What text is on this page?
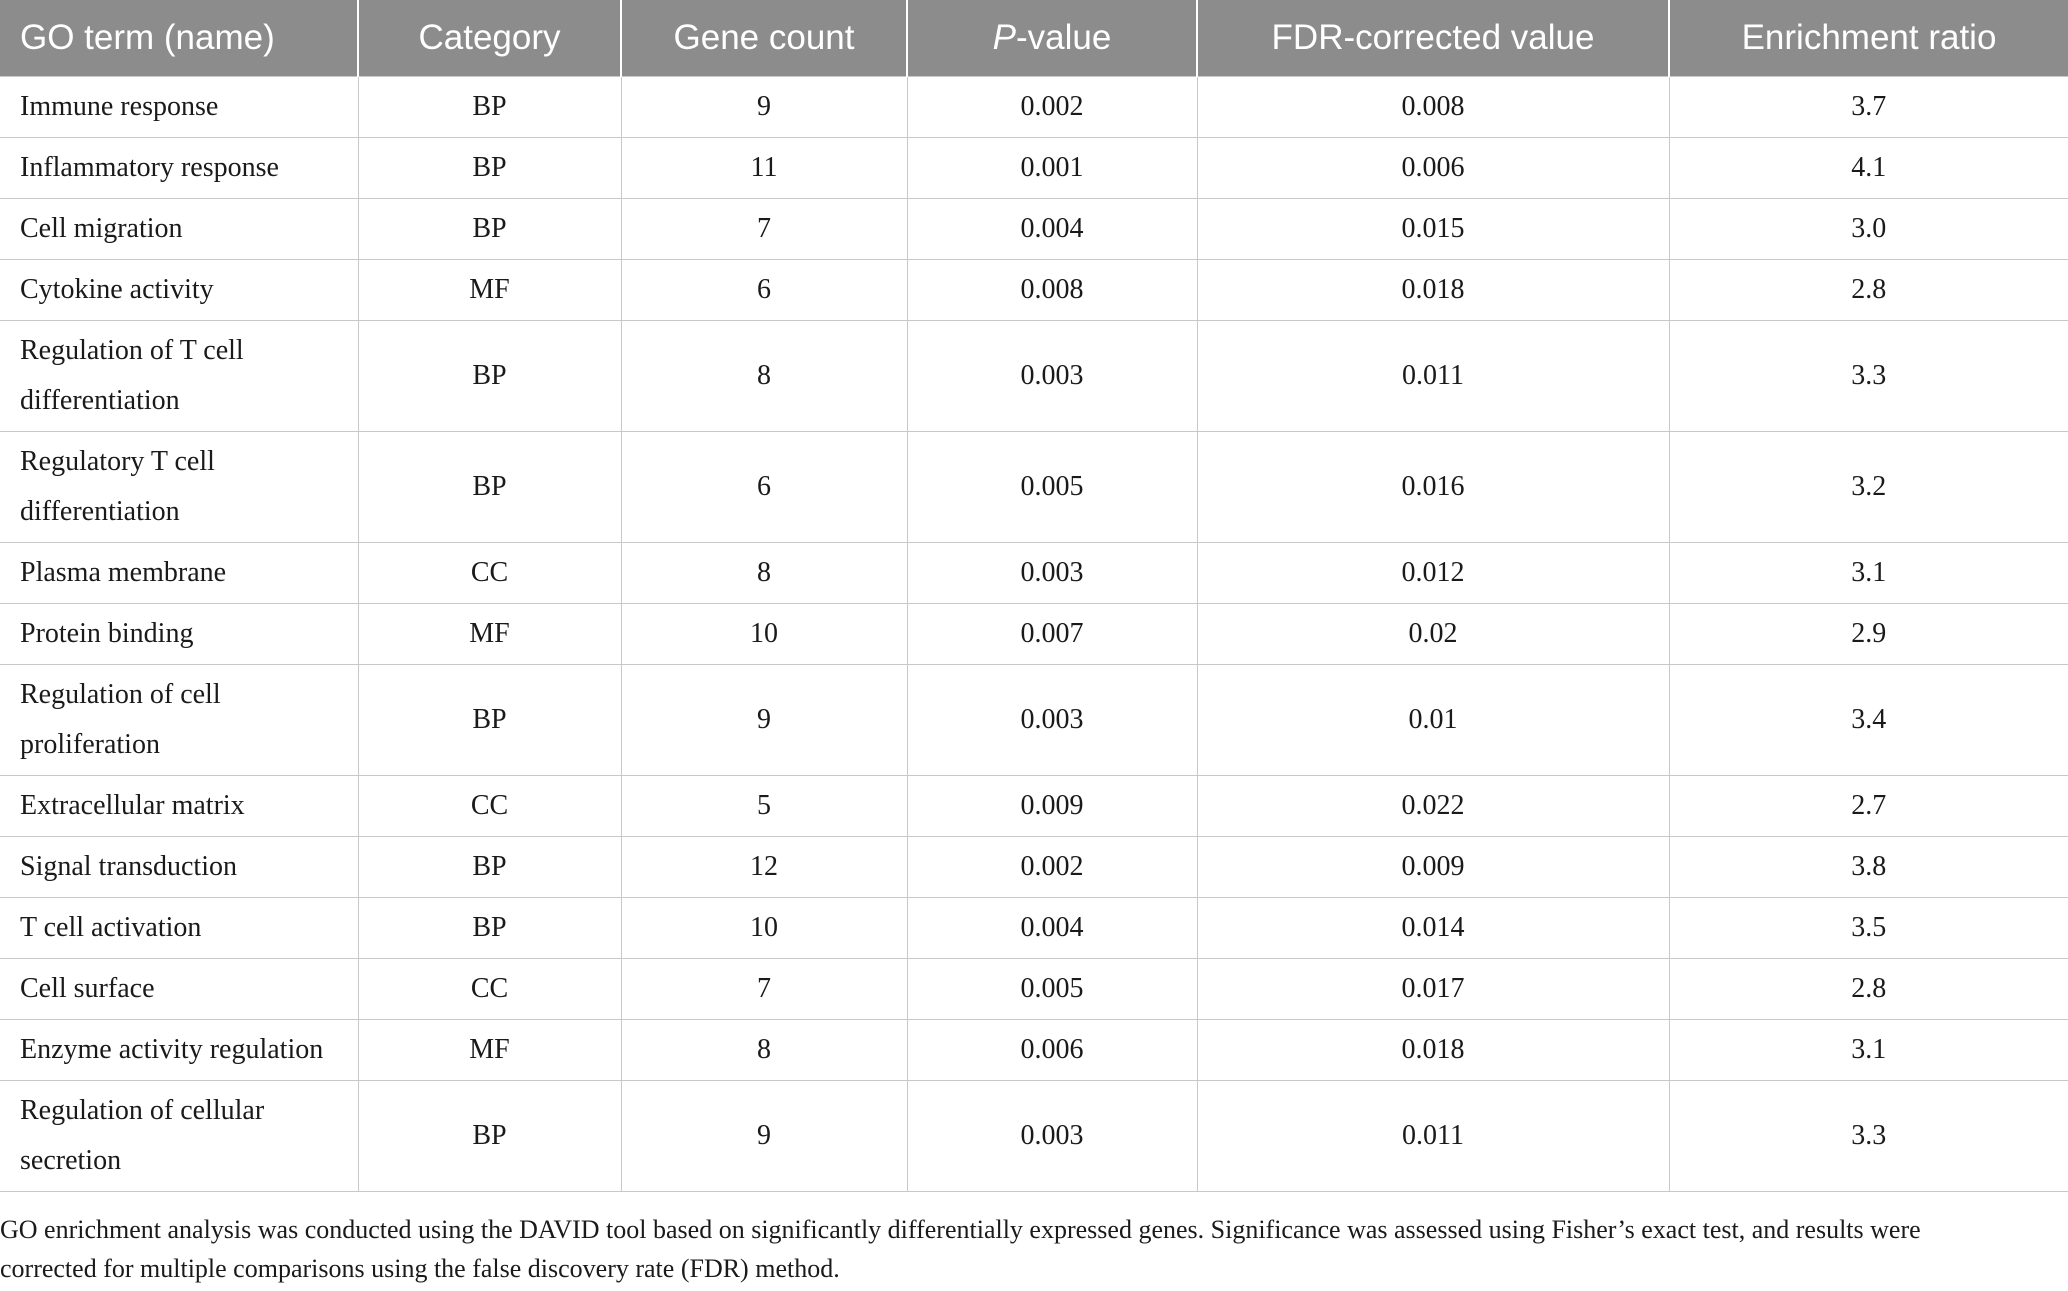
GO term (name)	Category	Gene count	P-value	FDR-corrected value	Enrichment ratio
Immune response	BP	9	0.002	0.008	3.7
Inflammatory response	BP	11	0.001	0.006	4.1
Cell migration	BP	7	0.004	0.015	3.0
Cytokine activity	MF	6	0.008	0.018	2.8
Regulation of T cell
differentiation	BP	8	0.003	0.011	3.3
Regulatory T cell
differentiation	BP	6	0.005	0.016	3.2
Plasma membrane	CC	8	0.003	0.012	3.1
Protein binding	MF	10	0.007	0.02	2.9
Regulation of cell
proliferation	BP	9	0.003	0.01	3.4
Extracellular matrix	CC	5	0.009	0.022	2.7
Signal transduction	BP	12	0.002	0.009	3.8
T cell activation	BP	10	0.004	0.014	3.5
Cell surface	CC	7	0.005	0.017	2.8
Enzyme activity regulation	MF	8	0.006	0.018	3.1
Regulation of cellular
secretion	BP	9	0.003	0.011	3.3
GO enrichment analysis was conducted using the DAVID tool based on significantly differentially expressed genes. Significance was assessed using Fisher’s exact test, and results were
corrected for multiple comparisons using the false discovery rate (FDR) method.
